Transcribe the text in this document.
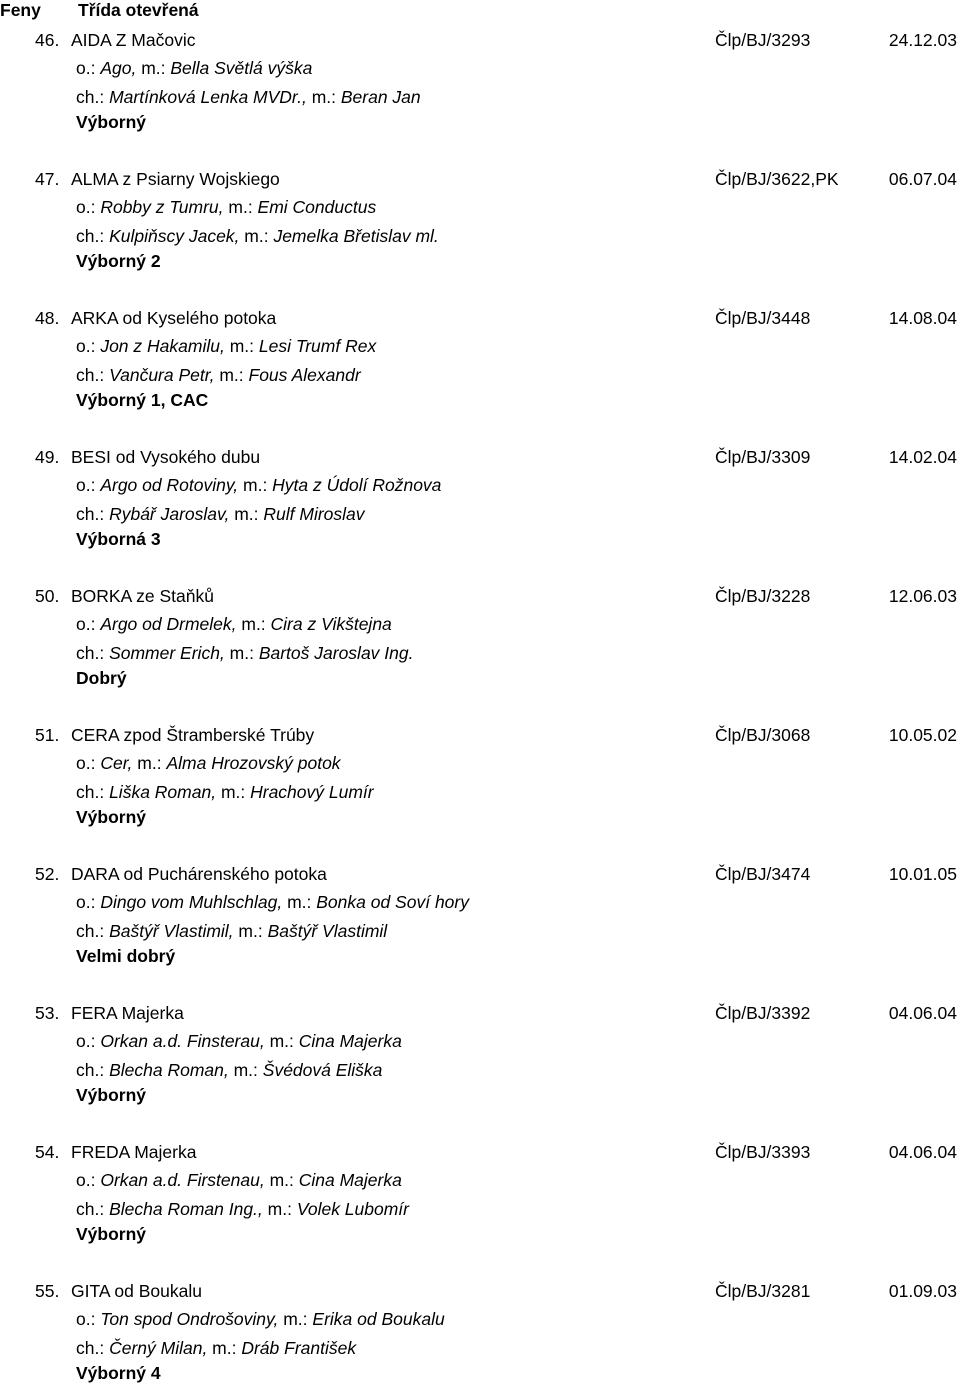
Feny Třída otevřená
46. AIDA Z Mačovic	Člp/BJ/3293	24.12.03
o.: Ago, m.: Bella Světlá výška
ch.: Martínková Lenka MVDr., m.: Beran Jan
Výborný
47. ALMA z Psiarny Wojskiego	Člp/BJ/3622,PK	06.07.04
o.: Robby z Tumru, m.: Emi Conductus
ch.: Kulpiňscy Jacek, m.: Jemelka Břetislav ml.
Výborný 2
48. ARKA od Kyselého potoka	Člp/BJ/3448	14.08.04
o.: Jon z Hakamilu, m.: Lesi Trumf Rex
ch.: Vančura Petr, m.: Fous Alexandr
Výborný 1, CAC
49. BESI od Vysokého dubu	Člp/BJ/3309	14.02.04
o.: Argo od Rotoviny, m.: Hyta z Údolí Rožnova
ch.: Rybář Jaroslav, m.: Rulf Miroslav
Výborná 3
50. BORKA ze Staňků	Člp/BJ/3228	12.06.03
o.: Argo od Drmelek, m.: Cira z Vikštejna
ch.: Sommer Erich, m.: Bartoš Jaroslav Ing.
Dobrý
51. CERA zpod Štramberské Trúby	Člp/BJ/3068	10.05.02
o.: Cer, m.: Alma Hrozovský potok
ch.: Liška Roman, m.: Hrachový Lumír
Výborný
52. DARA od Puchárenského potoka	Člp/BJ/3474	10.01.05
o.: Dingo vom Muhlschlag, m.: Bonka od Soví hory
ch.: Baštýř Vlastimil, m.: Baštýř Vlastimil
Velmi dobrý
53. FERA Majerka	Člp/BJ/3392	04.06.04
o.: Orkan a.d. Finsterau, m.: Cina Majerka
ch.: Blecha Roman, m.: Švédová Eliška
Výborný
54. FREDA Majerka	Člp/BJ/3393	04.06.04
o.: Orkan a.d. Firstenau, m.: Cina Majerka
ch.: Blecha Roman Ing., m.: Volek Lubomír
Výborný
55. GITA od Boukalu	Člp/BJ/3281	01.09.03
o.: Ton spod Ondrošoviny, m.: Erika od Boukalu
ch.: Černý Milan, m.: Dráb František
Výborný 4
